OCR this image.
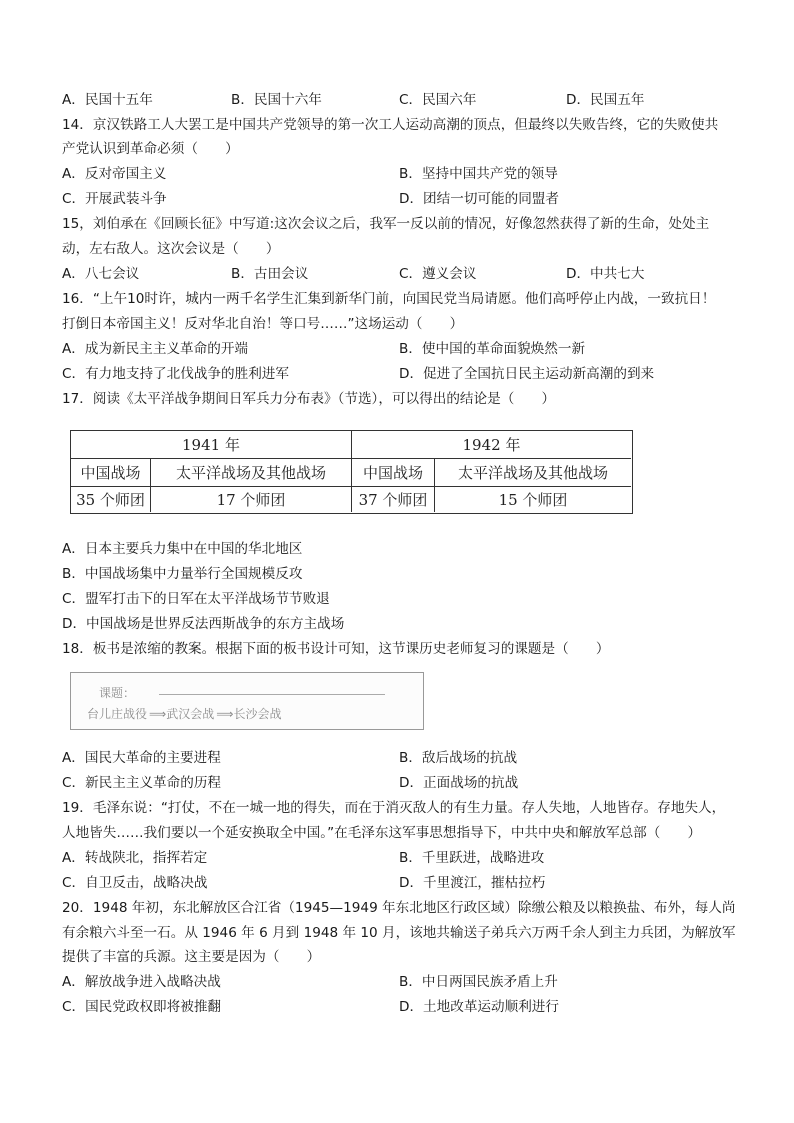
A．民国十五年	B．民国十六年	C．民国六年	D．民国五年
14．京汉铁路工人大罢工是中国共产党领导的第一次工人运动高潮的顶点，但最终以失败告终，它的失败使共
产党认识到革命必须（　　）
A．反对帝国主义	B．坚持中国共产党的领导
C．开展武装斗争	D．团结一切可能的同盟者
15，刘伯承在《回顾长征》中写道:这次会议之后，我军一反以前的情况，好像忽然获得了新的生命，处处主
动，左右敌人。这次会议是（　　）
A．八七会议	B．古田会议	C．遵义会议	D．中共七大
16．“上午10时许，城内一两千名学生汇集到新华门前，向国民党当局请愿。他们高呼停止内战，一致抗日！
打倒日本帝国主义！反对华北自治！等口号……”这场运动（　　）
A．成为新民主主义革命的开端	B．使中国的革命面貌焕然一新
C．有力地支持了北伐战争的胜利进军	D．促进了全国抗日民主运动新高潮的到来
17．阅读《太平洋战争期间日军兵力分布表》（节选），可以得出的结论是（　　）
1941 年	1942 年
中国战场	太平洋战场及其他战场	中国战场	太平洋战场及其他战场
35 个师团	17 个师团	37 个师团	15 个师团
A．日本主要兵力集中在中国的华北地区
B．中国战场集中力量举行全国规模反攻
C．盟军打击下的日军在太平洋战场节节败退
D．中国战场是世界反法西斯战争的东方主战场
18．板书是浓缩的教案。根据下面的板书设计可知，这节课历史老师复习的课题是（　　）
课题：
台儿庄战役 ⟹ 武汉会战 ⟹ 长沙会战
A．国民大革命的主要进程	B．敌后战场的抗战
C．新民主主义革命的历程	D．正面战场的抗战
19．毛泽东说：“打仗，不在一城一地的得失，而在于消灭敌人的有生力量。存人失地，人地皆存。存地失人，
人地皆失……我们要以一个延安换取全中国。”在毛泽东这军事思想指导下，中共中央和解放军总部（　　）
A．转战陕北，指挥若定	B．千里跃进，战略进攻
C．自卫反击，战略决战	D．千里渡江，摧枯拉朽
20．1948 年初，东北解放区合江省（1945—1949 年东北地区行政区域）除缴公粮及以粮换盐、布外，每人尚
有余粮六斗至一石。从 1946 年 6 月到 1948 年 10 月，该地共输送子弟兵六万两千余人到主力兵团，为解放军
提供了丰富的兵源。这主要是因为（　　）
A．解放战争进入战略决战	B．中日两国民族矛盾上升
C．国民党政权即将被推翻	D．土地改革运动顺利进行
